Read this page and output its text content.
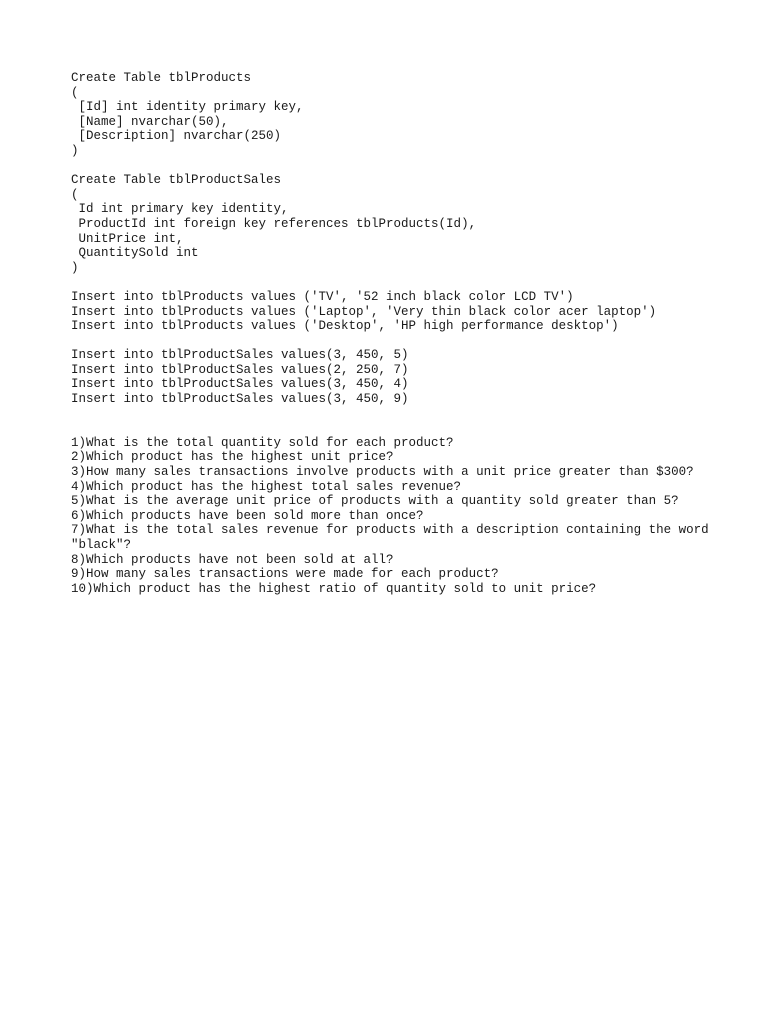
Create Table tblProducts
(
[Id] int identity primary key,
[Name] nvarchar(50),
[Description] nvarchar(250)
)
Create Table tblProductSales
(
Id int primary key identity,
ProductId int foreign key references tblProducts(Id),
UnitPrice int,
QuantitySold int
)
Insert into tblProducts values ('TV', '52 inch black color LCD TV')
Insert into tblProducts values ('Laptop', 'Very thin black color acer laptop')
Insert into tblProducts values ('Desktop', 'HP high performance desktop')
Insert into tblProductSales values(3, 450, 5)
Insert into tblProductSales values(2, 250, 7)
Insert into tblProductSales values(3, 450, 4)
Insert into tblProductSales values(3, 450, 9)
1)What is the total quantity sold for each product?
2)Which product has the highest unit price?
3)How many sales transactions involve products with a unit price greater than $300?
4)Which product has the highest total sales revenue?
5)What is the average unit price of products with a quantity sold greater than 5?
6)Which products have been sold more than once?
7)What is the total sales revenue for products with a description containing the word "black"?
8)Which products have not been sold at all?
9)How many sales transactions were made for each product?
10)Which product has the highest ratio of quantity sold to unit price?
